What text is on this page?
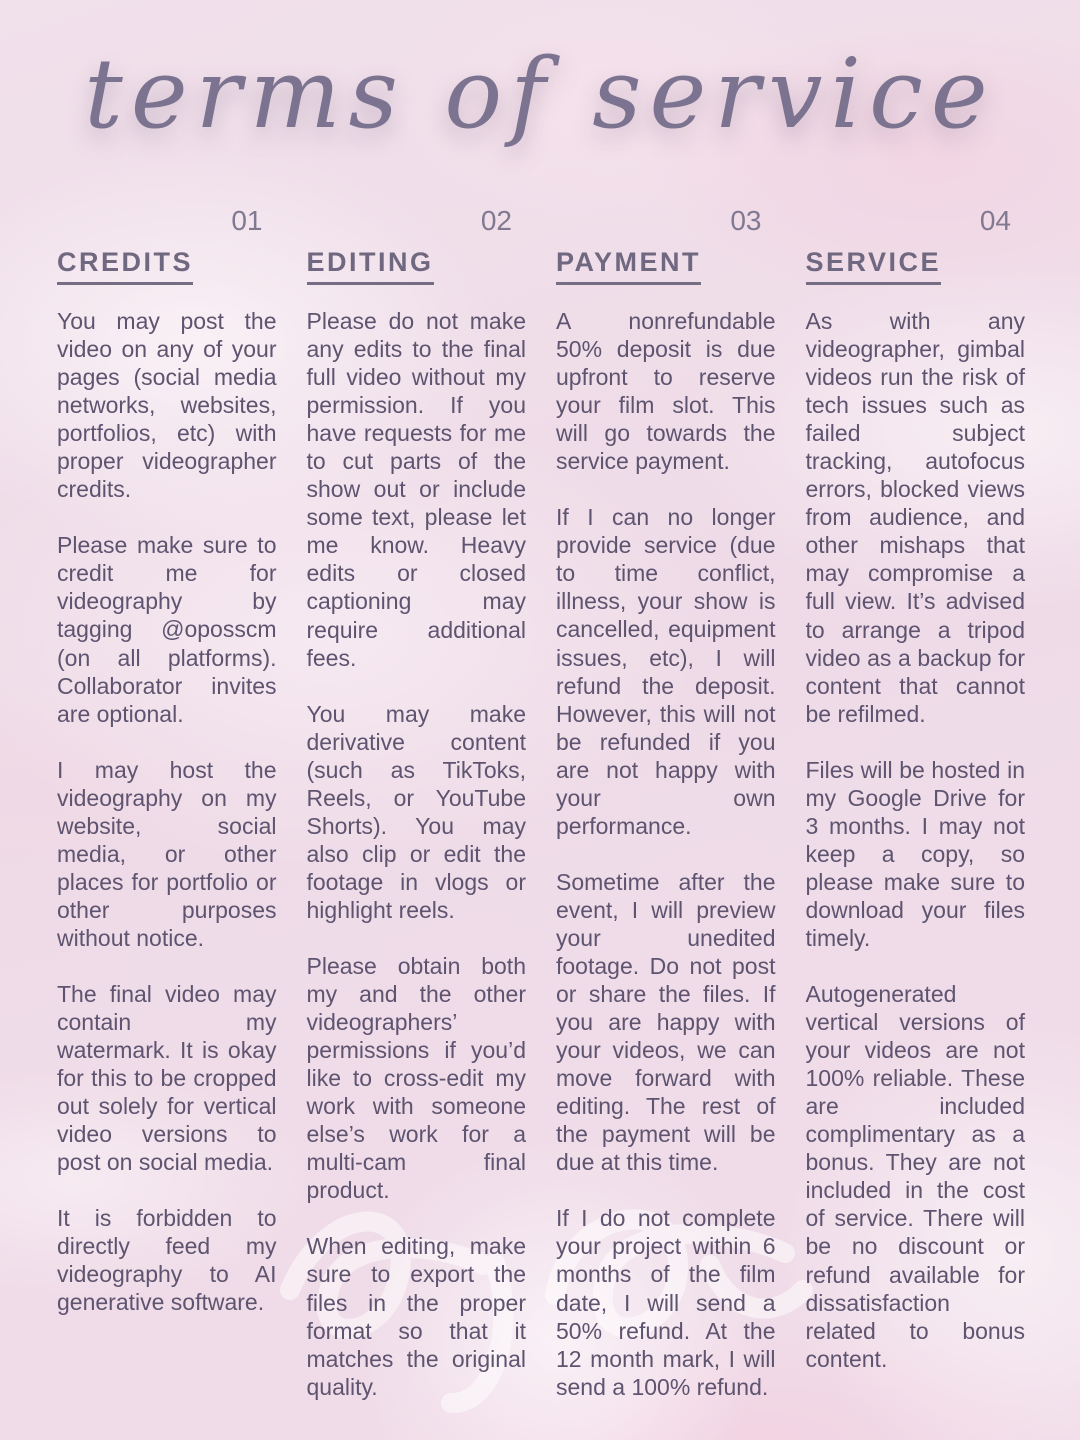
terms of service
01
CREDITS

You may post the video on any of your pages (social media networks, websites, portfolios, etc) with proper videographer credits.

Please make sure to credit me for videography by tagging @oposscm (on all platforms). Collaborator invites are optional.

I may host the videography on my website, social media, or other places for portfolio or other purposes without notice.

The final video may contain my watermark. It is okay for this to be cropped out solely for vertical video versions to post on social media.

It is forbidden to directly feed my videography to AI generative software.

02
EDITING

Please do not make any edits to the final full video without my permission. If you have requests for me to cut parts of the show out or include some text, please let me know. Heavy edits or closed captioning may require additional fees.

You may make derivative content (such as TikToks, Reels, or YouTube Shorts). You may also clip or edit the footage in vlogs or highlight reels.

Please obtain both my and the other videographers’ permissions if you’d like to cross-edit my work with someone else’s work for a multi-cam final product.

When editing, make sure to export the files in the proper format so that it matches the original quality.

03
PAYMENT

A nonrefundable 50% deposit is due upfront to reserve your film slot. This will go towards the service payment.

If I can no longer provide service (due to time conflict, illness, your show is cancelled, equipment issues, etc), I will refund the deposit. However, this will not be refunded if you are not happy with your own performance.

Sometime after the event, I will preview your unedited footage. Do not post or share the files. If you are happy with your videos, we can move forward with editing. The rest of the payment will be due at this time.

If I do not complete your project within 6 months of the film date, I will send a 50% refund. At the 12 month mark, I will send a 100% refund.

04
SERVICE

As with any videographer, gimbal videos run the risk of tech issues such as failed subject tracking, autofocus errors, blocked views from audience, and other mishaps that may compromise a full view. It’s advised to arrange a tripod video as a backup for content that cannot be refilmed.

Files will be hosted in my Google Drive for 3 months. I may not keep a copy, so please make sure to download your files timely.

Autogenerated vertical versions of your videos are not 100% reliable. These are included complimentary as a bonus. They are not included in the cost of service. There will be no discount or refund available for dissatisfaction related to bonus content.
